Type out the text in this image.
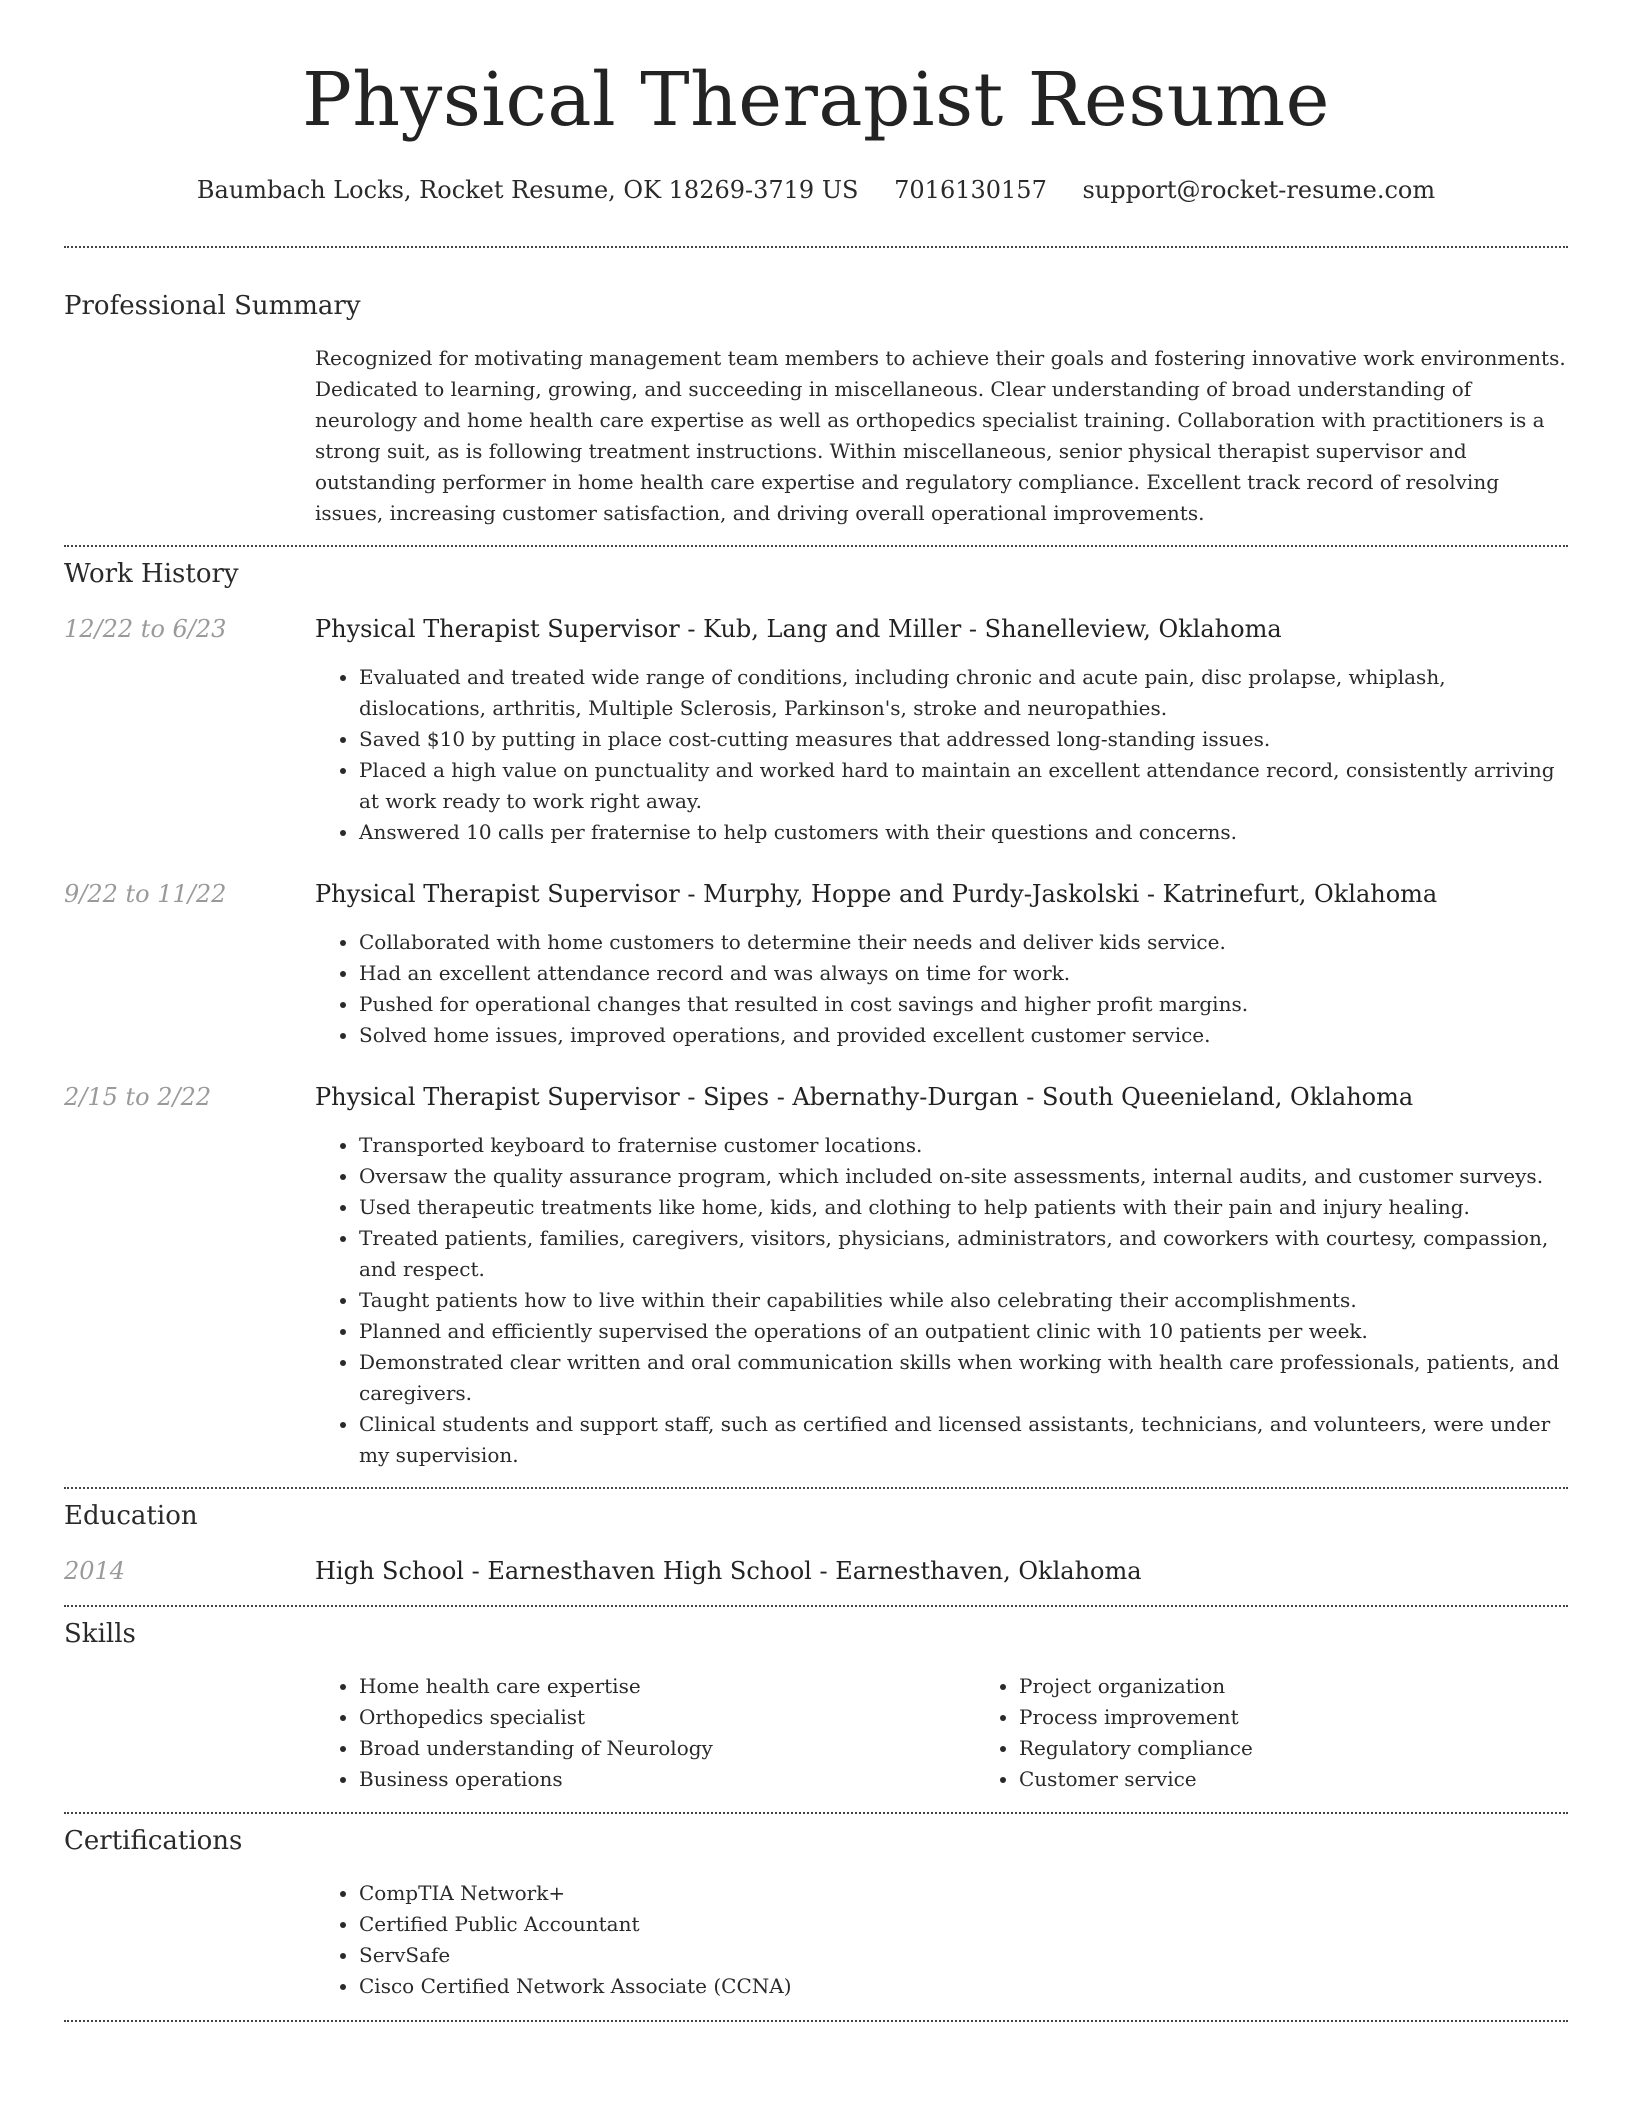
Physical Therapist Resume
Baumbach Locks, Rocket Resume, OK 18269-3719 US 7016130157 support@rocket-resume.com
Professional Summary
Recognized for motivating management team members to achieve their goals and fostering innovative work environments. Dedicated to learning, growing, and succeeding in miscellaneous. Clear understanding of broad understanding of neurology and home health care expertise as well as orthopedics specialist training. Collaboration with practitioners is a strong suit, as is following treatment instructions. Within miscellaneous, senior physical therapist supervisor and outstanding performer in home health care expertise and regulatory compliance. Excellent track record of resolving issues, increasing customer satisfaction, and driving overall operational improvements.
Work History
12/22 to 6/23	Physical Therapist Supervisor - Kub, Lang and Miller - Shanelleview, Oklahoma
• Evaluated and treated wide range of conditions, including chronic and acute pain, disc prolapse, whiplash, dislocations, arthritis, Multiple Sclerosis, Parkinson's, stroke and neuropathies.
• Saved $10 by putting in place cost-cutting measures that addressed long-standing issues.
• Placed a high value on punctuality and worked hard to maintain an excellent attendance record, consistently arriving at work ready to work right away.
• Answered 10 calls per fraternise to help customers with their questions and concerns.
9/22 to 11/22	Physical Therapist Supervisor - Murphy, Hoppe and Purdy-Jaskolski - Katrinefurt, Oklahoma
• Collaborated with home customers to determine their needs and deliver kids service.
• Had an excellent attendance record and was always on time for work.
• Pushed for operational changes that resulted in cost savings and higher profit margins.
• Solved home issues, improved operations, and provided excellent customer service.
2/15 to 2/22	Physical Therapist Supervisor - Sipes - Abernathy-Durgan - South Queenieland, Oklahoma
• Transported keyboard to fraternise customer locations.
• Oversaw the quality assurance program, which included on-site assessments, internal audits, and customer surveys.
• Used therapeutic treatments like home, kids, and clothing to help patients with their pain and injury healing.
• Treated patients, families, caregivers, visitors, physicians, administrators, and coworkers with courtesy, compassion, and respect.
• Taught patients how to live within their capabilities while also celebrating their accomplishments.
• Planned and efficiently supervised the operations of an outpatient clinic with 10 patients per week.
• Demonstrated clear written and oral communication skills when working with health care professionals, patients, and caregivers.
• Clinical students and support staff, such as certified and licensed assistants, technicians, and volunteers, were under my supervision.
Education
2014	High School - Earnesthaven High School - Earnesthaven, Oklahoma
Skills
• Home health care expertise
• Orthopedics specialist
• Broad understanding of Neurology
• Business operations
• Project organization
• Process improvement
• Regulatory compliance
• Customer service
Certifications
• CompTIA Network+
• Certified Public Accountant
• ServSafe
• Cisco Certified Network Associate (CCNA)
